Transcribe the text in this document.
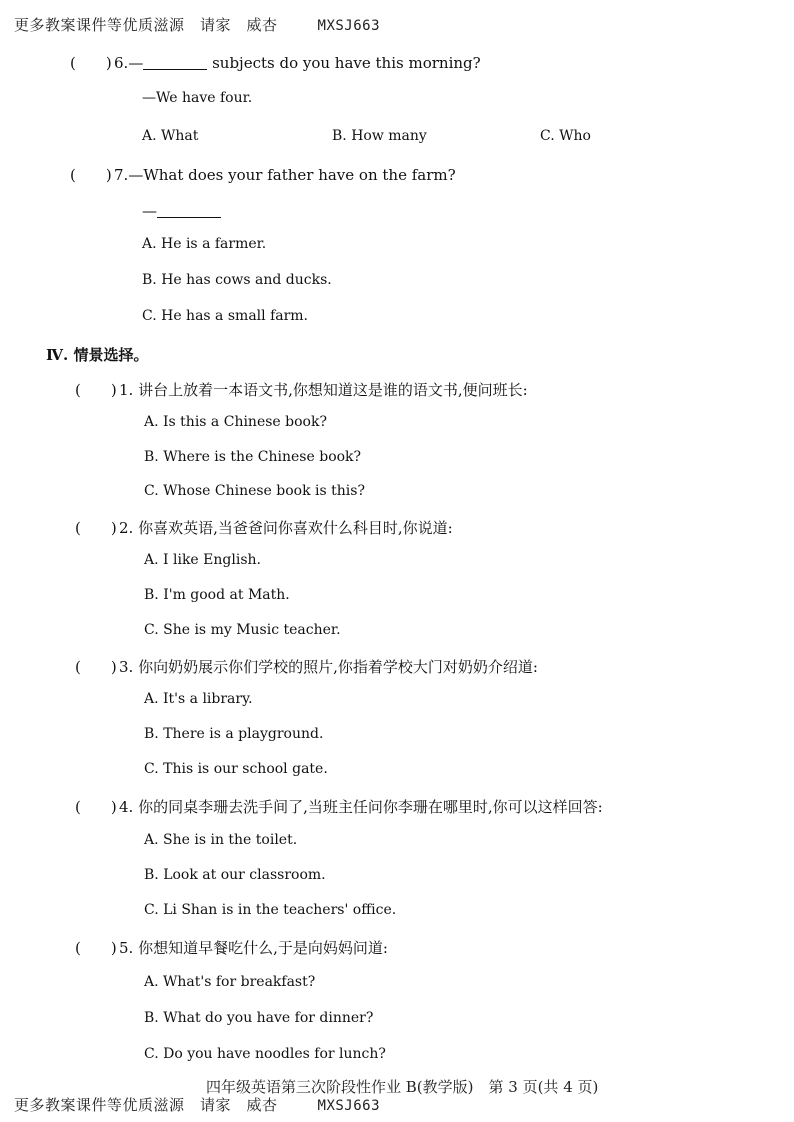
更多教案课件等优质滋源　请家　威杏	MXSJ663
(　　) 6.—	subjects do you have this morning?
—We have four.
A. What	B. How many	C. Who
(　　) 7.—What does your father have on the farm?
—
A. He is a farmer.
B. He has cows and ducks.
C. He has a small farm.
Ⅳ. 情景选择。
(　　) 1. 讲台上放着一本语文书,你想知道这是谁的语文书,便问班长:
A. Is this a Chinese book?
B. Where is the Chinese book?
C. Whose Chinese book is this?
(　　) 2. 你喜欢英语,当爸爸问你喜欢什么科目时,你说道:
A. I like English.
B. I'm good at Math.
C. She is my Music teacher.
(　　) 3. 你向奶奶展示你们学校的照片,你指着学校大门对奶奶介绍道:
A. It's a library.
B. There is a playground.
C. This is our school gate.
(　　) 4. 你的同桌李珊去洗手间了,当班主任问你李珊在哪里时,你可以这样回答:
A. She is in the toilet.
B. Look at our classroom.
C. Li Shan is in the teachers' office.
(　　) 5. 你想知道早餐吃什么,于是向妈妈问道:
A. What's for breakfast?
B. What do you have for dinner?
C. Do you have noodles for lunch?
四年级英语第三次阶段性作业 B(教学版)　第 3 页(共 4 页)
更多教案课件等优质滋源　请家　威杏	MXSJ663
